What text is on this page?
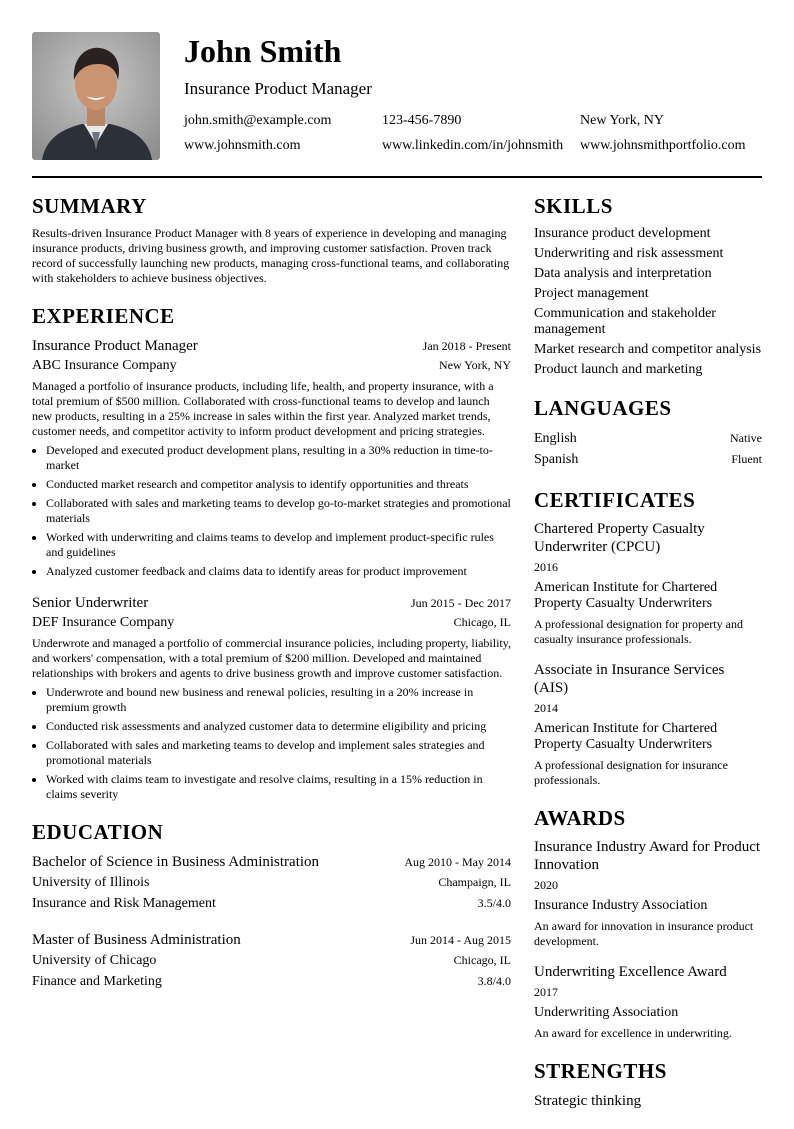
John Smith
Insurance Product Manager
john.smith@example.com	123-456-7890	New York, NY
www.johnsmith.com	www.linkedin.com/in/johnsmith	www.johnsmithportfolio.com
SUMMARY
Results-driven Insurance Product Manager with 8 years of experience in developing and managing insurance products, driving business growth, and improving customer satisfaction. Proven track record of successfully launching new products, managing cross-functional teams, and collaborating with stakeholders to achieve business objectives.
EXPERIENCE
Insurance Product Manager	Jan 2018 - Present
ABC Insurance Company	New York, NY
Managed a portfolio of insurance products, including life, health, and property insurance, with a total premium of $500 million. Collaborated with cross-functional teams to develop and launch new products, resulting in a 25% increase in sales within the first year. Analyzed market trends, customer needs, and competitor activity to inform product development and pricing strategies.
• Developed and executed product development plans, resulting in a 30% reduction in time-to-market
• Conducted market research and competitor analysis to identify opportunities and threats
• Collaborated with sales and marketing teams to develop go-to-market strategies and promotional materials
• Worked with underwriting and claims teams to develop and implement product-specific rules and guidelines
• Analyzed customer feedback and claims data to identify areas for product improvement
Senior Underwriter	Jun 2015 - Dec 2017
DEF Insurance Company	Chicago, IL
Underwrote and managed a portfolio of commercial insurance policies, including property, liability, and workers' compensation, with a total premium of $200 million. Developed and maintained relationships with brokers and agents to drive business growth and improve customer satisfaction.
• Underwrote and bound new business and renewal policies, resulting in a 20% increase in premium growth
• Conducted risk assessments and analyzed customer data to determine eligibility and pricing
• Collaborated with sales and marketing teams to develop and implement sales strategies and promotional materials
• Worked with claims team to investigate and resolve claims, resulting in a 15% reduction in claims severity
EDUCATION
Bachelor of Science in Business Administration	Aug 2010 - May 2014
University of Illinois	Champaign, IL
Insurance and Risk Management	3.5/4.0
Master of Business Administration	Jun 2014 - Aug 2015
University of Chicago	Chicago, IL
Finance and Marketing	3.8/4.0
SKILLS
Insurance product development
Underwriting and risk assessment
Data analysis and interpretation
Project management
Communication and stakeholder management
Market research and competitor analysis
Product launch and marketing
LANGUAGES
English	Native
Spanish	Fluent
CERTIFICATES
Chartered Property Casualty Underwriter (CPCU)
2016
American Institute for Chartered Property Casualty Underwriters
A professional designation for property and casualty insurance professionals.
Associate in Insurance Services (AIS)
2014
American Institute for Chartered Property Casualty Underwriters
A professional designation for insurance professionals.
AWARDS
Insurance Industry Award for Product Innovation
2020
Insurance Industry Association
An award for innovation in insurance product development.
Underwriting Excellence Award
2017
Underwriting Association
An award for excellence in underwriting.
STRENGTHS
Strategic thinking
